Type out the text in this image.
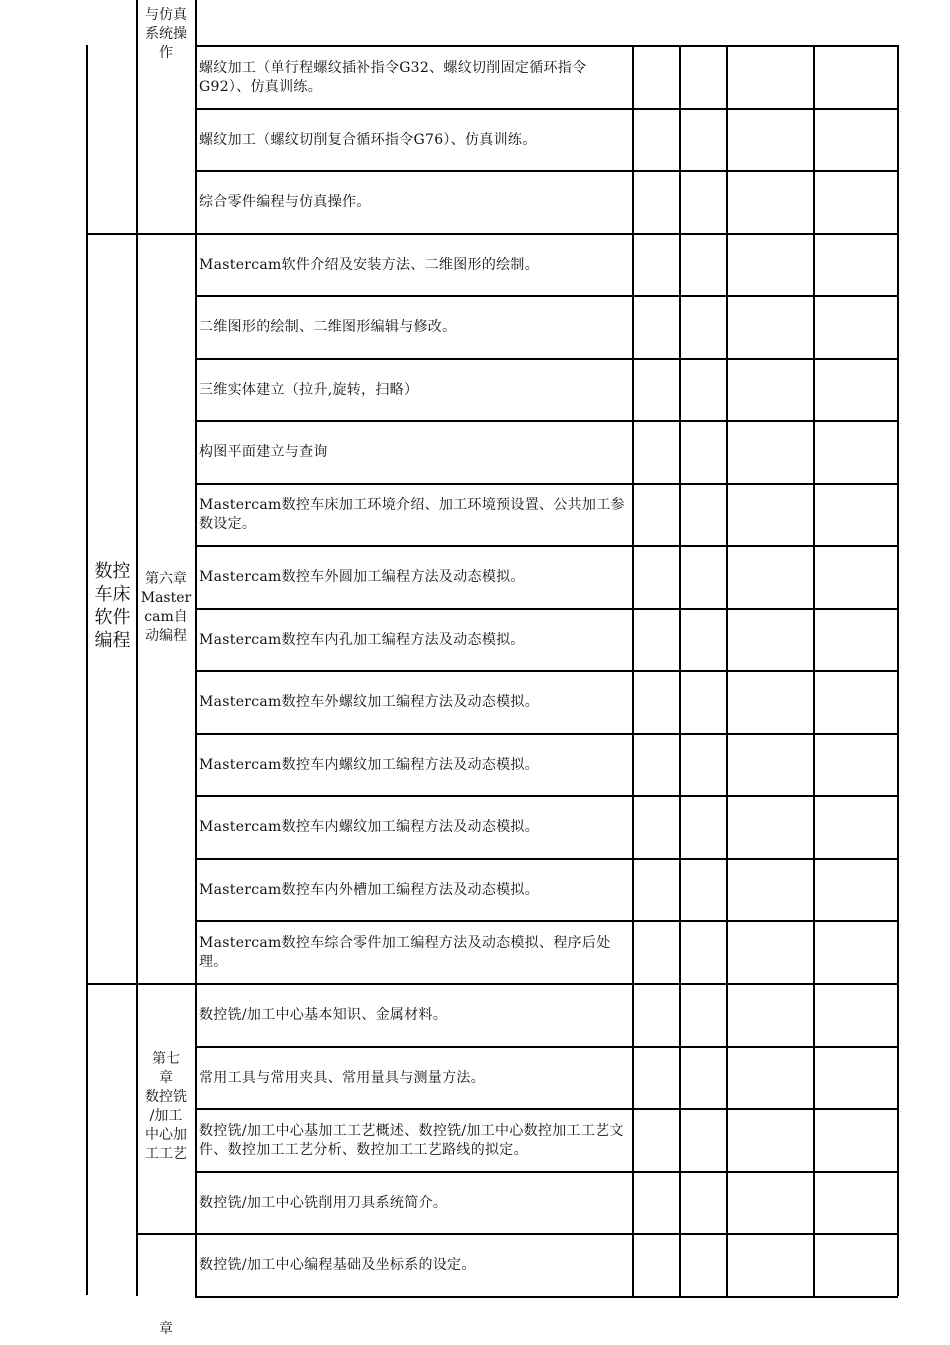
与仿真
系统操
作
数控
车床
软件
编程
第六章
Master
cam自
动编程
第七
章
数控铣
/加工
中心加
工工艺
章
螺纹加工（单行程螺纹插补指令G32、螺纹切削固定循环指令G92）、仿真训练。
螺纹加工（螺纹切削复合循环指令G76）、仿真训练。
综合零件编程与仿真操作。
Mastercam软件介绍及安装方法、二维图形的绘制。
二维图形的绘制、二维图形编辑与修改。
三维实体建立（拉升,旋转，扫略）
构图平面建立与查询
Mastercam数控车床加工环境介绍、加工环境预设置、公共加工参数设定。
Mastercam数控车外圆加工编程方法及动态模拟。
Mastercam数控车内孔加工编程方法及动态模拟。
Mastercam数控车外螺纹加工编程方法及动态模拟。
Mastercam数控车内螺纹加工编程方法及动态模拟。
Mastercam数控车内螺纹加工编程方法及动态模拟。
Mastercam数控车内外槽加工编程方法及动态模拟。
Mastercam数控车综合零件加工编程方法及动态模拟、程序后处理。
数控铣/加工中心基本知识、金属材料。
常用工具与常用夹具、常用量具与测量方法。
数控铣/加工中心基加工工艺概述、数控铣/加工中心数控加工工艺文件、数控加工工艺分析、数控加工工艺路线的拟定。
数控铣/加工中心铣削用刀具系统简介。
数控铣/加工中心编程基础及坐标系的设定。
